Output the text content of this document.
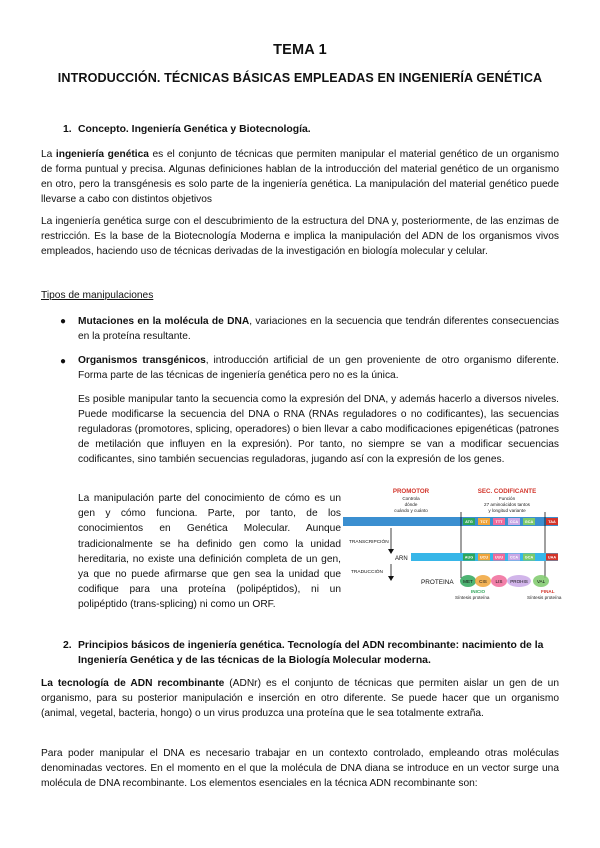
TEMA 1
INTRODUCCIÓN. TÉCNICAS BÁSICAS EMPLEADAS EN INGENIERÍA GENÉTICA
1. Concepto. Ingeniería Genética y Biotecnología.
La ingeniería genética es el conjunto de técnicas que permiten manipular el material genético de un organismo de forma puntual y precisa. Algunas definiciones hablan de la introducción del material genético de un organismo en otro, pero la transgénesis es solo parte de la ingeniería genética. La manipulación del material genético puede llevarse a cabo con distintos objetivos
La ingeniería genética surge con el descubrimiento de la estructura del DNA y, posteriormente, de las enzimas de restricción. Es la base de la Biotecnología Moderna e implica la manipulación del ADN de los organismos vivos empleados, haciendo uso de técnicas derivadas de la investigación en biología molecular y celular.
Tipos de manipulaciones
● Mutaciones en la molécula de DNA, variaciones en la secuencia que tendrán diferentes consecuencias en la proteína resultante.
● Organismos transgénicos, introducción artificial de un gen proveniente de otro organismo diferente. Forma parte de las técnicas de ingeniería genética pero no es la única.
Es posible manipular tanto la secuencia como la expresión del DNA, y además hacerlo a diversos niveles. Puede modificarse la secuencia del DNA o RNA (RNAs reguladores o no codificantes), las secuencias reguladoras (promotores, splicing, operadores) o bien llevar a cabo modificaciones epigenéticas (patrones de metilación que influyen en la expresión). Por tanto, no siempre se van a modificar secuencias codificantes, sino también secuencias reguladoras, jugando así con la expresión de los genes.
La manipulación parte del conocimiento de cómo es un gen y cómo funciona. Parte, por tanto, de los conocimientos en Genética Molecular. Aunque tradicionalmente se ha definido gen como la unidad hereditaria, no existe una definición completa de un gen, ya que no puede afirmarse que gen sea la unidad que codifique para una proteína (polipéptidos), ni un polipéptido (trans-splicing) ni como un ORF.
PROMOTOR
Controla
dónde
cuándo y cuánto
SEC. CODIFICANTE
Función
27 aminoácidos tantos
y longitud variante
ATG TCT TTT CCA GCA	TAA
TRANSCRIPCIÓN
ARN	AUG UCU UUU CCA GCA	UAA
TRADUCCIÓN
PROTEINA MET CIS LIS PROHIS VAL
INICIO
Síntesis proteína
FINAL
Síntesis proteína
2. Principios básicos de ingeniería genética. Tecnología del ADN recombinante: nacimiento de la Ingeniería Genética y de las técnicas de la Biología Molecular moderna.
La tecnología de ADN recombinante (ADNr) es el conjunto de técnicas que permiten aislar un gen de un organismo, para su posterior manipulación e inserción en otro diferente. Se puede hacer que un organismo (animal, vegetal, bacteria, hongo) o un virus produzca una proteína que le sea totalmente extraña.
Para poder manipular el DNA es necesario trabajar en un contexto controlado, empleando otras moléculas denominadas vectores. En el momento en el que la molécula de DNA diana se introduce en un vector surge una molécula de DNA recombinante. Los elementos esenciales en la técnica ADN recombinante son:
